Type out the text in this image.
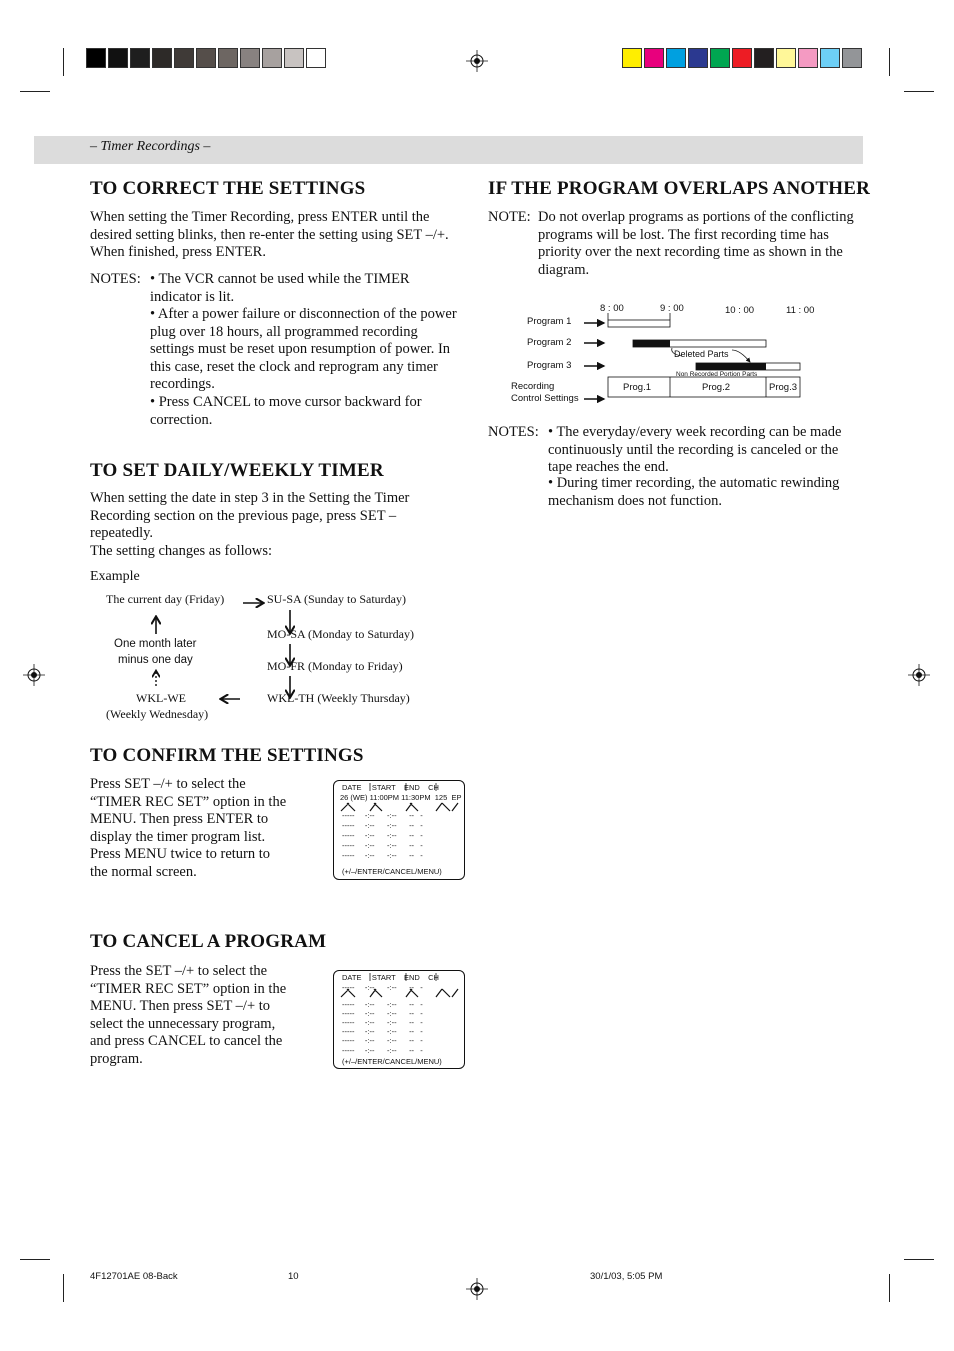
– Timer Recordings –
TO CORRECT THE SETTINGS

When setting the Timer Recording, press ENTER until the
desired setting blinks, then re-enter the setting using SET –/+.
When finished, press ENTER.

NOTES: • The VCR cannot be used while the TIMER indicator is lit.
• After a power failure or disconnection of the power plug over 18 hours, all programmed recording settings must be reset upon resumption of power. In this case, reset the clock and reprogram any timer recordings.
• Press CANCEL to move cursor backward for correction.
TO SET DAILY/WEEKLY TIMER

When setting the date in step 3 in the Setting the Timer Recording section on the previous page, press SET – repeatedly.

The setting changes as follows:

Example
The current day (Friday)	SU-SA (Sunday to Saturday)
MO-SA (Monday to Saturday)
MO-FR (Monday to Friday)
WKL-TH (Weekly Thursday)
WKL-WE
(Weekly Wednesday)
One month later
minus one day
TO CONFIRM THE SETTINGS

Press SET –/+ to select the “TIMER REC SET” option in the MENU. Then press ENTER to display the timer program list. Press MENU twice to return to the normal screen.

DATE     START    END    CH
26 (WE) 11:00PM 11:30PM  125  EP
-----     -:--      -:--      --   -
-----     -:--      -:--      --   -
-----     -:--      -:--      --   -
-----     -:--      -:--      --   -
-----     -:--      -:--      --   -
(+/–/ENTER/CANCEL/MENU)
TO CANCEL A PROGRAM

Press the SET –/+ to select the “TIMER REC SET” option in the MENU. Then press SET –/+ to select the unnecessary program, and press CANCEL to cancel the program.

DATE     START    END    CH
-----     -:--      -:--      --   -
-----     -:--      -:--      --   -
-----     -:--      -:--      --   -
-----     -:--      -:--      --   -
-----     -:--      -:--      --   -
-----     -:--      -:--      --   -
-----     -:--      -:--      --   -
(+/–/ENTER/CANCEL/MENU)
IF THE PROGRAM OVERLAPS ANOTHER
NOTE: Do not overlap programs as portions of the conflicting programs will be lost. The first recording time has priority over the next recording time as shown in the diagram.
8 : 00	9 : 00	10 : 00	11 : 00
Program 1
Program 2
Program 3
Recording
Control Settings
Deleted Parts
Non Recorded Portion Parts
Prog.1	Prog.2	Prog.3
NOTES: • The everyday/every week recording can be made continuously until the recording is canceled or the tape reaches the end.
• During timer recording, the automatic rewinding mechanism does not function.
4F12701AE 08-Back	10	30/1/03, 5:05 PM
